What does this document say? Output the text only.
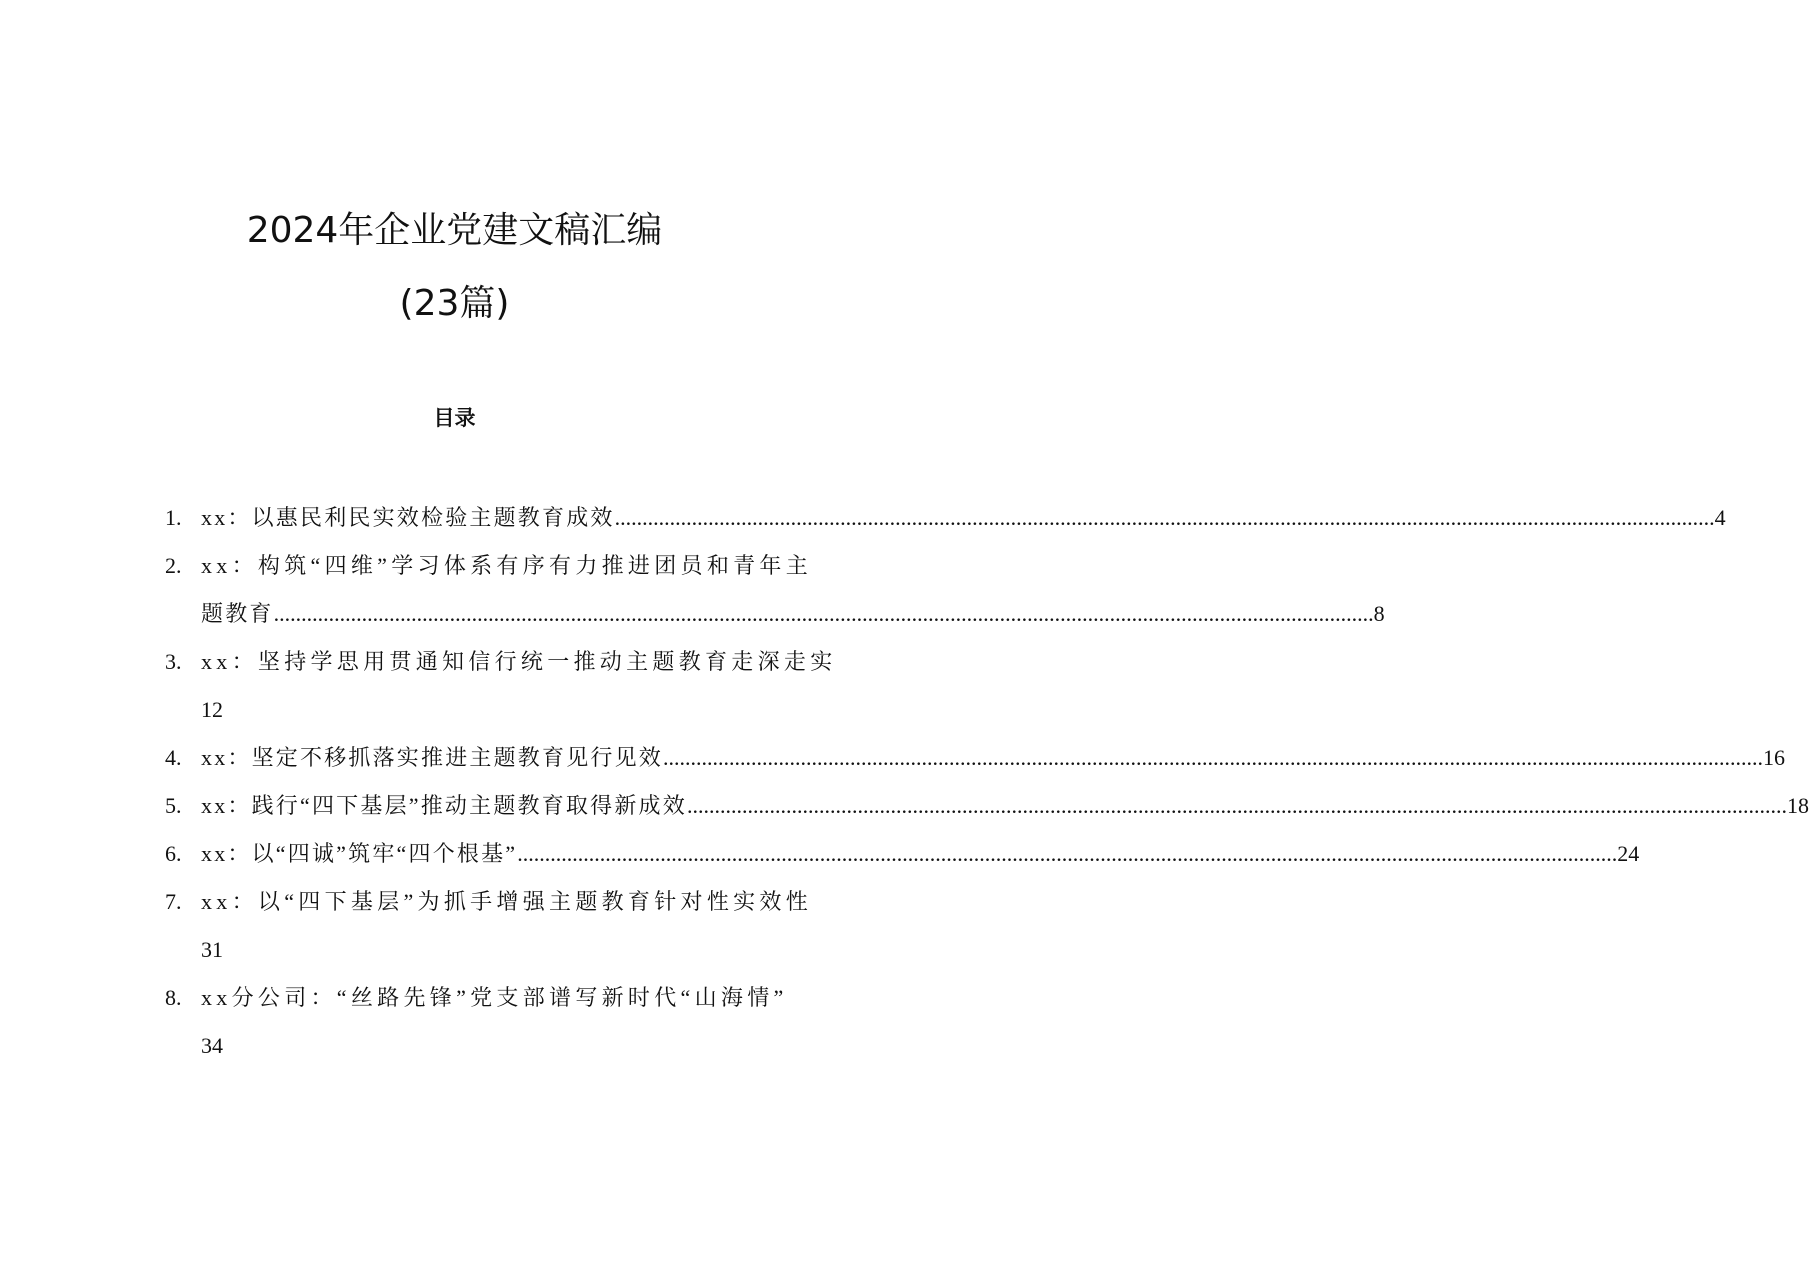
2024年企业党建文稿汇编
(23篇)
目录
1. xx：以惠民利民实效检验主题教育成效 ........................................................................................................................................................................................................ 4
2. xx：构筑“四维”学习体系有序有力推进团员和青年主
题教育 ........................................................................................................................................................................................................ 8
3. xx：坚持学思用贯通知信行统一推动主题教育走深走实
12
4. xx：坚定不移抓落实推进主题教育见行见效 ........................................................................................................................................................................................................ 16
5. xx：践行“四下基层”推动主题教育取得新成效 ........................................................................................................................................................................................................ 18
6. xx：以“四诚”筑牢“四个根基” ........................................................................................................................................................................................................ 24
7. xx：以“四下基层”为抓手增强主题教育针对性实效性
31
8. xx分公司：“丝路先锋”党支部谱写新时代“山海情”
34
